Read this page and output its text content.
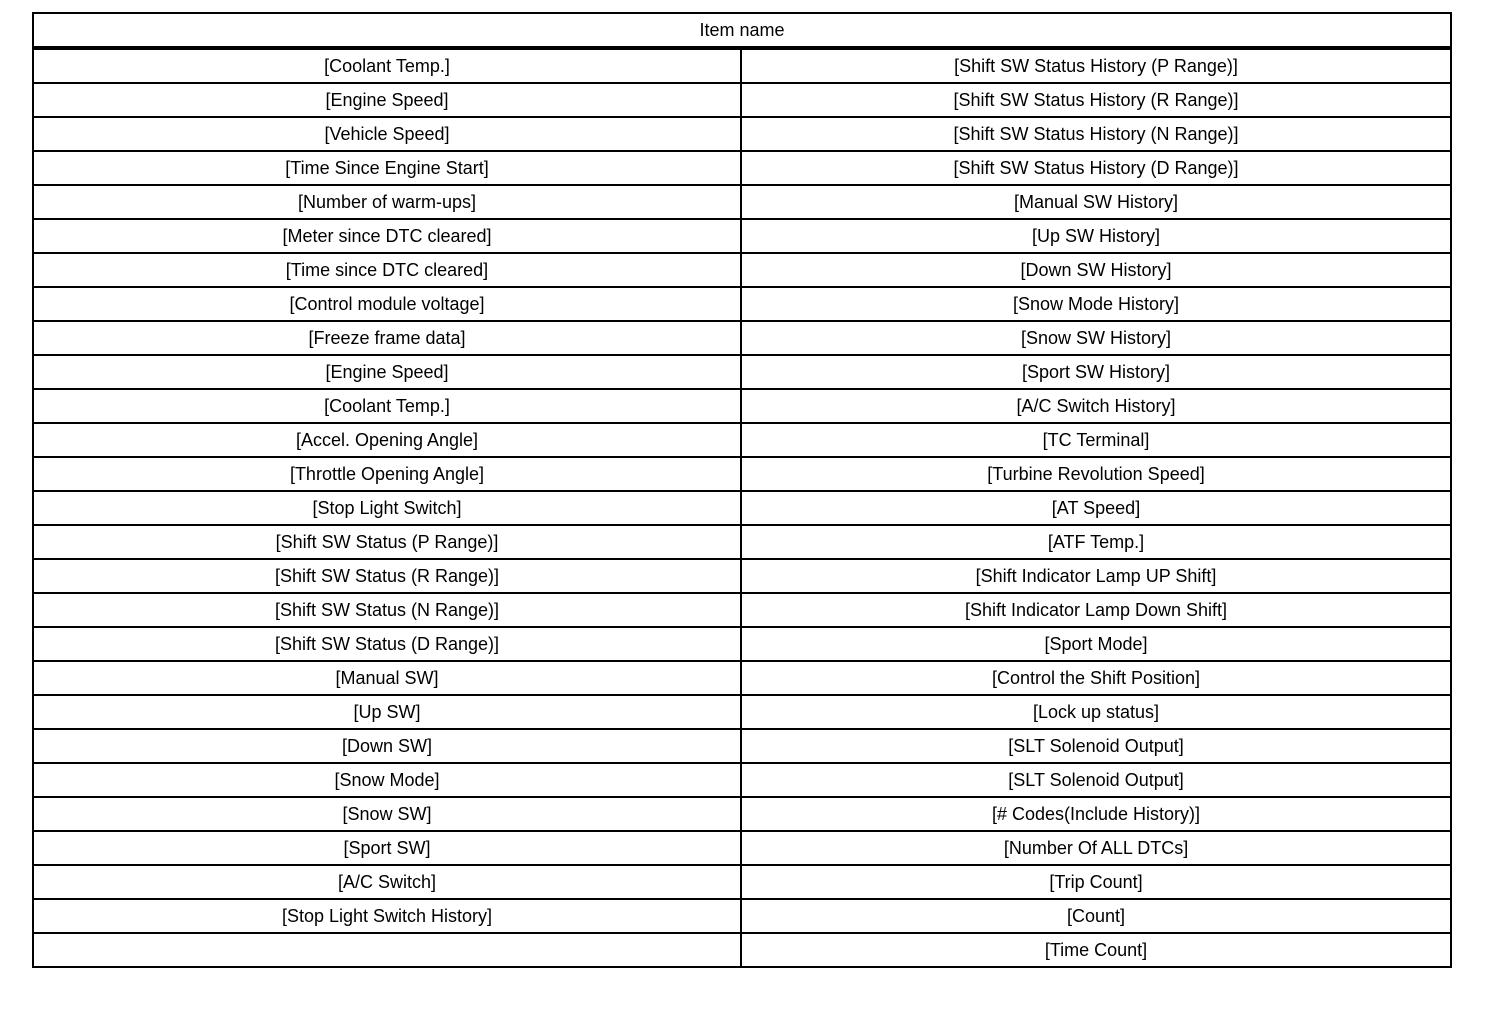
Item name	
[Coolant Temp.]	[Shift SW Status History (P Range)]
[Engine Speed]	[Shift SW Status History (R Range)]
[Vehicle Speed]	[Shift SW Status History (N Range)]
[Time Since Engine Start]	[Shift SW Status History (D Range)]
[Number of warm-ups]	[Manual SW History]
[Meter since DTC cleared]	[Up SW History]
[Time since DTC cleared]	[Down SW History]
[Control module voltage]	[Snow Mode History]
[Freeze frame data]	[Snow SW History]
[Engine Speed]	[Sport SW History]
[Coolant Temp.]	[A/C Switch History]
[Accel. Opening Angle]	[TC Terminal]
[Throttle Opening Angle]	[Turbine Revolution Speed]
[Stop Light Switch]	[AT Speed]
[Shift SW Status (P Range)]	[ATF Temp.]
[Shift SW Status (R Range)]	[Shift Indicator Lamp UP Shift]
[Shift SW Status (N Range)]	[Shift Indicator Lamp Down Shift]
[Shift SW Status (D Range)]	[Sport Mode]
[Manual SW]	[Control the Shift Position]
[Up SW]	[Lock up status]
[Down SW]	[SLT Solenoid Output]
[Snow Mode]	[SLT Solenoid Output]
[Snow SW]	[# Codes(Include History)]
[Sport SW]	[Number Of ALL DTCs]
[A/C Switch]	[Trip Count]
[Stop Light Switch History]	[Count]
	[Time Count]
